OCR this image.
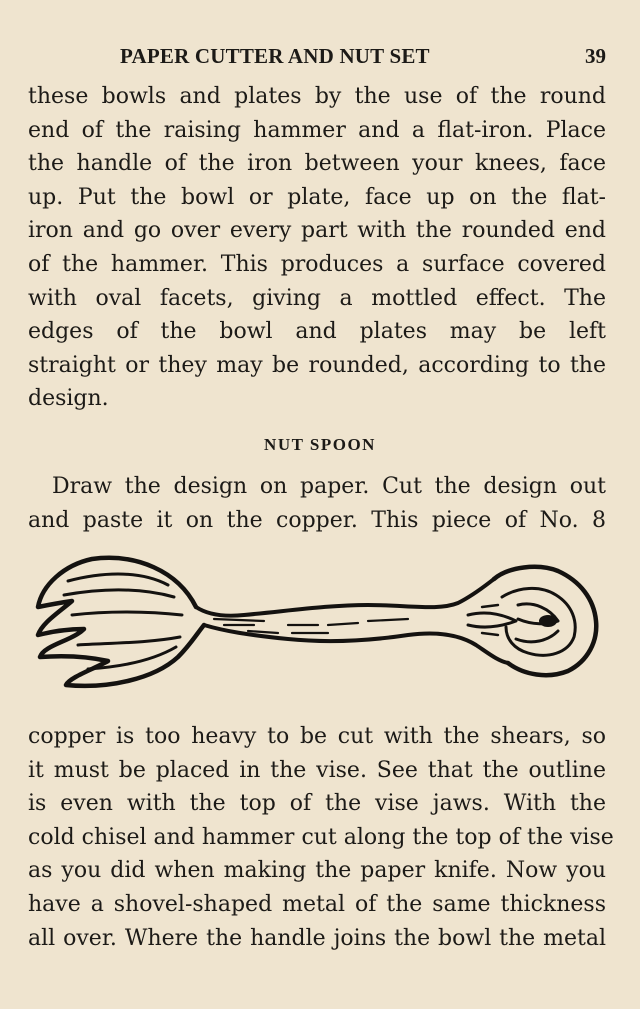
PAPER CUTTER AND NUT SET	39
these bowls and plates by the use of the round
end of the raising hammer and a flat-iron. Place
the handle of the iron between your knees, face
up. Put the bowl or plate, face up on the flat-
iron and go over every part with the rounded end
of the hammer. This produces a surface covered
with oval facets, giving a mottled effect. The
edges of the bowl and plates may be left
straight or they may be rounded, according to the
design.
NUT SPOON
Draw the design on paper. Cut the design out
and paste it on the copper. This piece of No. 8
copper is too heavy to be cut with the shears, so
it must be placed in the vise. See that the outline
is even with the top of the vise jaws. With the
cold chisel and hammer cut along the top of the vise
as you did when making the paper knife. Now you
have a shovel-shaped metal of the same thickness
all over. Where the handle joins the bowl the metal
